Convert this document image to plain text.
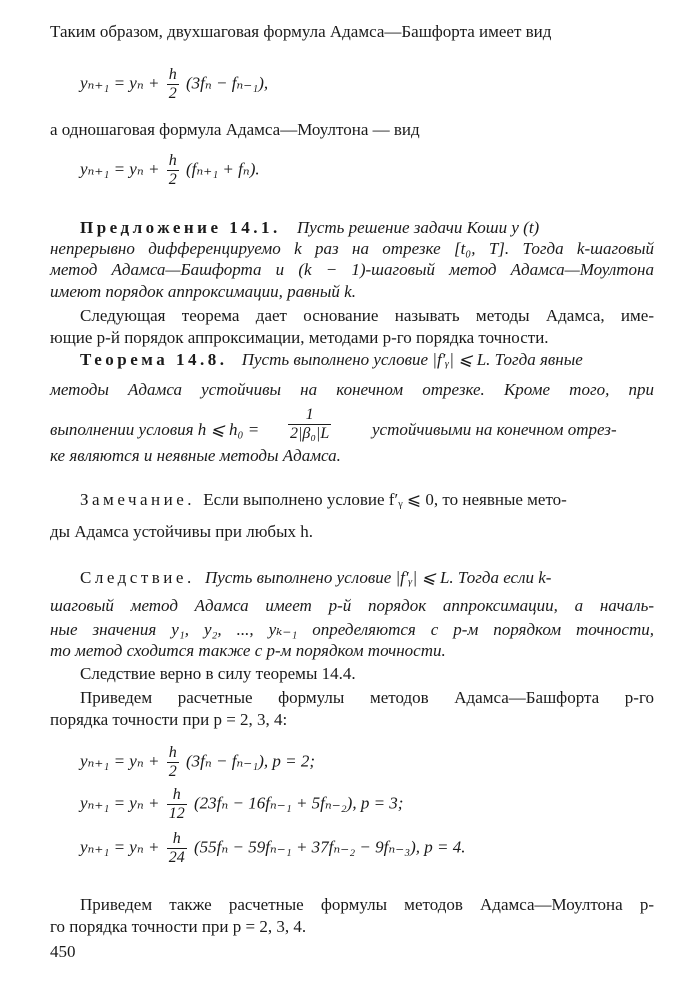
Таким образом, двухшаговая формула Адамса—Башфорта имеет вид
$y_{n+1} = y_n + \frac{h}{2} (3f_n - f_{n-1})$,
а одношаговая формула Адамса—Моултона — вид
$y_{n+1} = y_n + \frac{h}{2} (f_{n+1} + f_n)$.
Предложение 14.1. Пусть решение задачи Коши y (t)
непрерывно дифференцируемо k раз на отрезке [t₀, T]. Тогда k-шаговый
метод Адамса—Башфорта и (k − 1)-шаговый метод Адамса—Моултона
имеют порядок аппроксимации, равный k.
Следующая теорема дает основание называть методы Адамса, име-
ющие p-й порядок аппроксимации, методами p-го порядка точности.
Теорема 14.8. Пусть выполнено условие |f′ᵧ| ⩽ L. Тогда явные
методы Адамса устойчивы на конечном отрезке. Кроме того, при
выполнении условия h ⩽ $h_0 = \frac{1}{\text{2|β₀|L}}$ устойчивыми на конечном отрез-
ке являются и неявные методы Адамса.
Замечание. Если выполнено условие f′ᵧ ⩽ 0, то неявные мето-
ды Адамса устойчивы при любых h.
Следствие. Пусть выполнено условие |f′ᵧ| ⩽ L. Тогда если k-
шаговый метод Адамса имеет p-й порядок аппроксимации, а началь-
ные значения y₁, y₂, ..., yₖ₋₁ определяются с p-м порядком точности,
то метод сходится также с p-м порядком точности.
Следствие верно в силу теоремы 14.4.
Приведем расчетные формулы методов Адамса—Башфорта p-го
порядка точности при p = 2, 3, 4:
$y_{n+1} = y_n + \frac{h}{2} (3f_n - f_{n-1})$, p = 2;
$y_{n+1} = y_n + \frac{h}{12} (23f_n - 16f_{n-1} + 5f_{n-2})$, p = 3;
$y_{n+1} = y_n + \frac{h}{24} (55f_n - 59f_{n-1} + 37f_{n-2} - 9f_{n-3})$, p = 4.
Приведем также расчетные формулы методов Адамса—Моултона p-
го порядка точности при p = 2, 3, 4.
450
